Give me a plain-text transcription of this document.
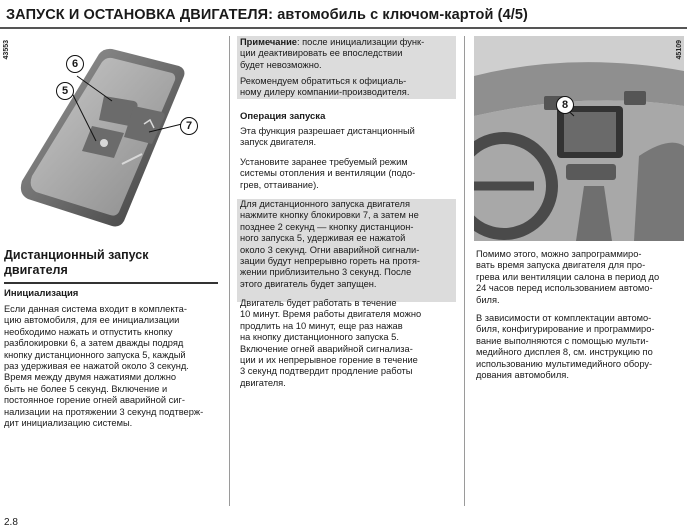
ЗАПУСК И ОСТАНОВКА ДВИГАТЕЛЯ: автомобиль с ключом-картой (4/5)
43553
6
5
7
Дистанционный запуск
двигателя
Инициализация
Если данная система входит в комплекта-
цию автомобиля, для ее инициализации
необходимо нажать и отпустить кнопку
разблокировки 6, а затем дважды подряд
кнопку дистанционного запуска 5, каждый
раз удерживая ее нажатой около 3 секунд.
Время между двумя нажатиями должно
быть не более 5 секунд. Включение и
постоянное горение огней аварийной сиг-
нализации на протяжении 3 секунд подтверж-
дит инициализацию системы.
Примечание: после инициализации функ-
ции деактивировать ее впоследствии
будет невозможно.
Рекомендуем обратиться к официаль-
ному дилеру компании-производителя.
Операция запуска
Эта функция разрешает дистанционный
запуск двигателя.
Установите заранее требуемый режим
системы отопления и вентиляции (подо-
грев, оттаивание).
Для дистанционного запуска двигателя
нажмите кнопку блокировки 7, а затем не
позднее 2 секунд — кнопку дистанцион-
ного запуска 5, удерживая ее нажатой
около 3 секунд. Огни аварийной сигнали-
зации будут непрерывно гореть на протя-
жении приблизительно 3 секунд. После
этого двигатель будет запущен.
Двигатель будет работать в течение
10 минут. Время работы двигателя можно
продлить на 10 минут, еще раз нажав
на кнопку дистанционного запуска 5.
Включение огней аварийной сигнализа-
ции и их непрерывное горение в течение
3 секунд подтвердит продление работы
двигателя.
45109
8
Помимо этого, можно запрограммиро-
вать время запуска двигателя для про-
грева или вентиляции салона в период до
24 часов перед использованием автомо-
биля.
В зависимости от комплектации автомо-
биля, конфигурирование и программиро-
вание выполняются с помощью мульти-
медийного дисплея 8, см. инструкцию по
использованию мультимедийного обору-
дования автомобиля.
2.8
